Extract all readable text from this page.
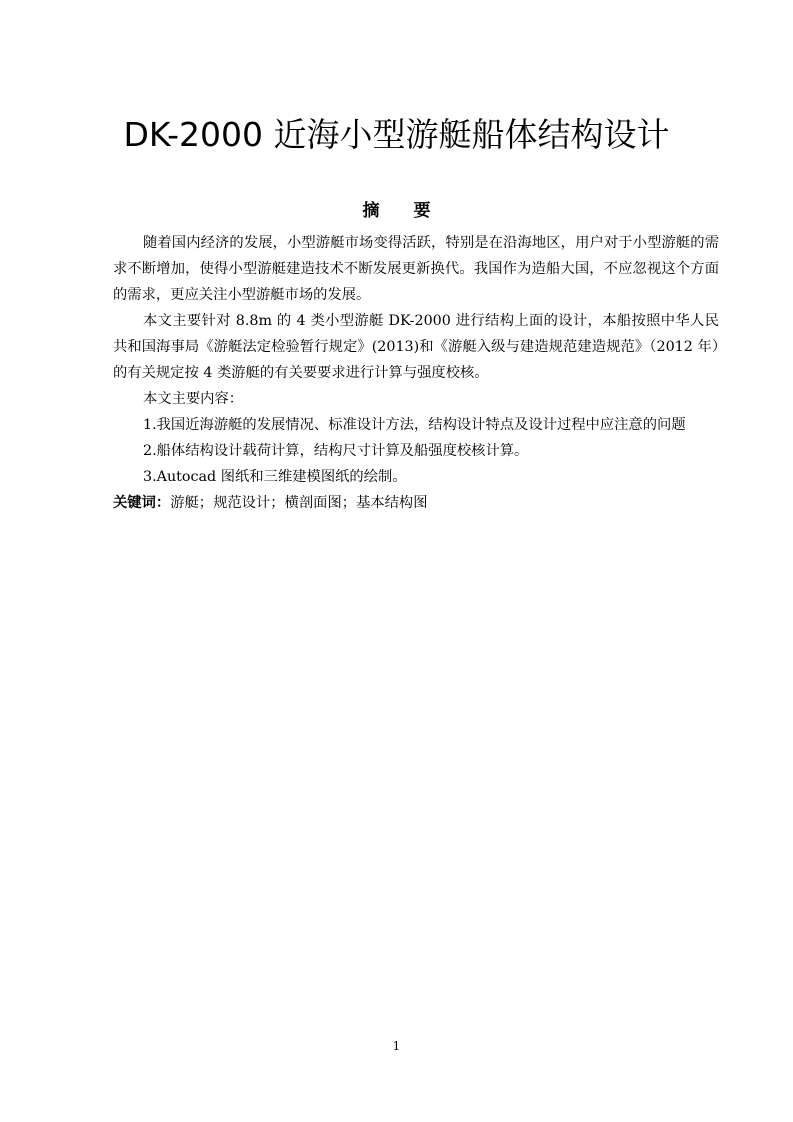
DK-2000 近海小型游艇船体结构设计
摘 要

随着国内经济的发展，小型游艇市场变得活跃，特别是在沿海地区，用户对于小型游艇的需求不断增加，使得小型游艇建造技术不断发展更新换代。我国作为造船大国，不应忽视这个方面的需求，更应关注小型游艇市场的发展。

本文主要针对 8.8m 的 4 类小型游艇 DK-2000 进行结构上面的设计，本船按照中华人民共和国海事局《游艇法定检验暂行规定》(2013)和《游艇入级与建造规范建造规范》（2012 年）的有关规定按 4 类游艇的有关要要求进行计算与强度校核。

本文主要内容：

1.我国近海游艇的发展情况、标准设计方法，结构设计特点及设计过程中应注意的问题

2.船体结构设计载荷计算，结构尺寸计算及船强度校核计算。

3.Autocad 图纸和三维建模图纸的绘制。

关键词：游艇；规范设计；横剖面图；基本结构图

1
